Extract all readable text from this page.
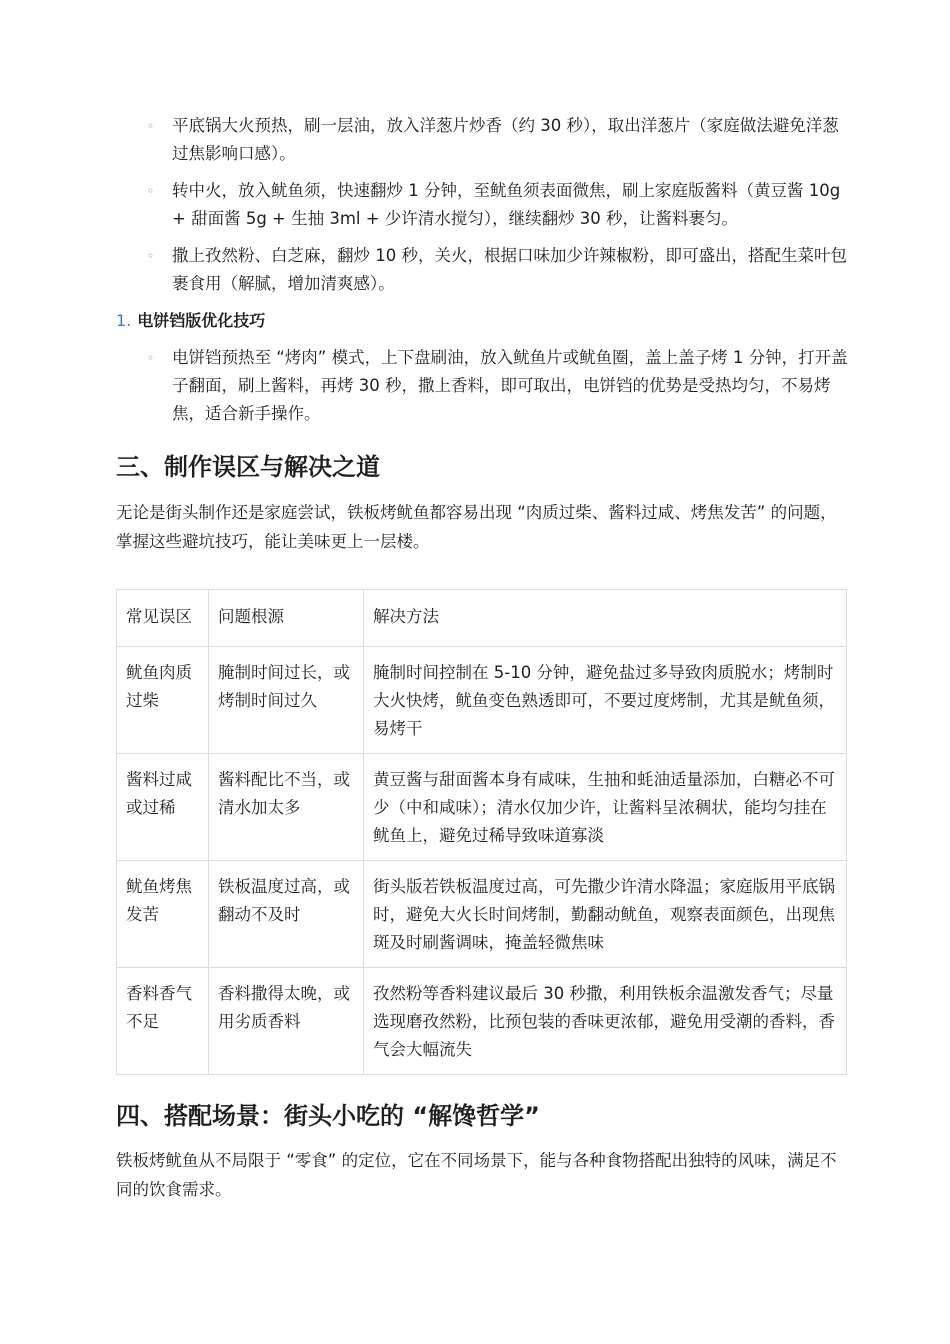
◦ 平底锅大火预热，刷一层油，放入洋葱片炒香（约 30 秒），取出洋葱片（家庭做法避免洋葱过焦影响口感）。
◦ 转中火，放入鱿鱼须，快速翻炒 1 分钟，至鱿鱼须表面微焦，刷上家庭版酱料（黄豆酱 10g + 甜面酱 5g + 生抽 3ml + 少许清水搅匀），继续翻炒 30 秒，让酱料裹匀。
◦ 撒上孜然粉、白芝麻，翻炒 10 秒，关火，根据口味加少许辣椒粉，即可盛出，搭配生菜叶包裹食用（解腻，增加清爽感）。
1. 电饼铛版优化技巧
◦ 电饼铛预热至 “烤肉” 模式，上下盘刷油，放入鱿鱼片或鱿鱼圈，盖上盖子烤 1 分钟，打开盖子翻面，刷上酱料，再烤 30 秒，撒上香料，即可取出，电饼铛的优势是受热均匀，不易烤焦，适合新手操作。
三、制作误区与解决之道

无论是街头制作还是家庭尝试，铁板烤鱿鱼都容易出现 “肉质过柴、酱料过咸、烤焦发苦” 的问题，掌握这些避坑技巧，能让美味更上一层楼。

常见误区	问题根源	解决方法
鱿鱼肉质过柴	腌制时间过长，或烤制时间过久	腌制时间控制在 5-10 分钟，避免盐过多导致肉质脱水；烤制时大火快烤，鱿鱼变色熟透即可，不要过度烤制，尤其是鱿鱼须，易烤干
酱料过咸或过稀	酱料配比不当，或清水加太多	黄豆酱与甜面酱本身有咸味，生抽和蚝油适量添加，白糖必不可少（中和咸味）；清水仅加少许，让酱料呈浓稠状，能均匀挂在鱿鱼上，避免过稀导致味道寡淡
鱿鱼烤焦发苦	铁板温度过高，或翻动不及时	街头版若铁板温度过高，可先撒少许清水降温；家庭版用平底锅时，避免大火长时间烤制，勤翻动鱿鱼，观察表面颜色，出现焦斑及时刷酱调味，掩盖轻微焦味
香料香气不足	香料撒得太晚，或用劣质香料	孜然粉等香料建议最后 30 秒撒，利用铁板余温激发香气；尽量选现磨孜然粉，比预包装的香味更浓郁，避免用受潮的香料，香气会大幅流失
四、搭配场景：街头小吃的 “解馋哲学”

铁板烤鱿鱼从不局限于 “零食” 的定位，它在不同场景下，能与各种食物搭配出独特的风味，满足不同的饮食需求。
